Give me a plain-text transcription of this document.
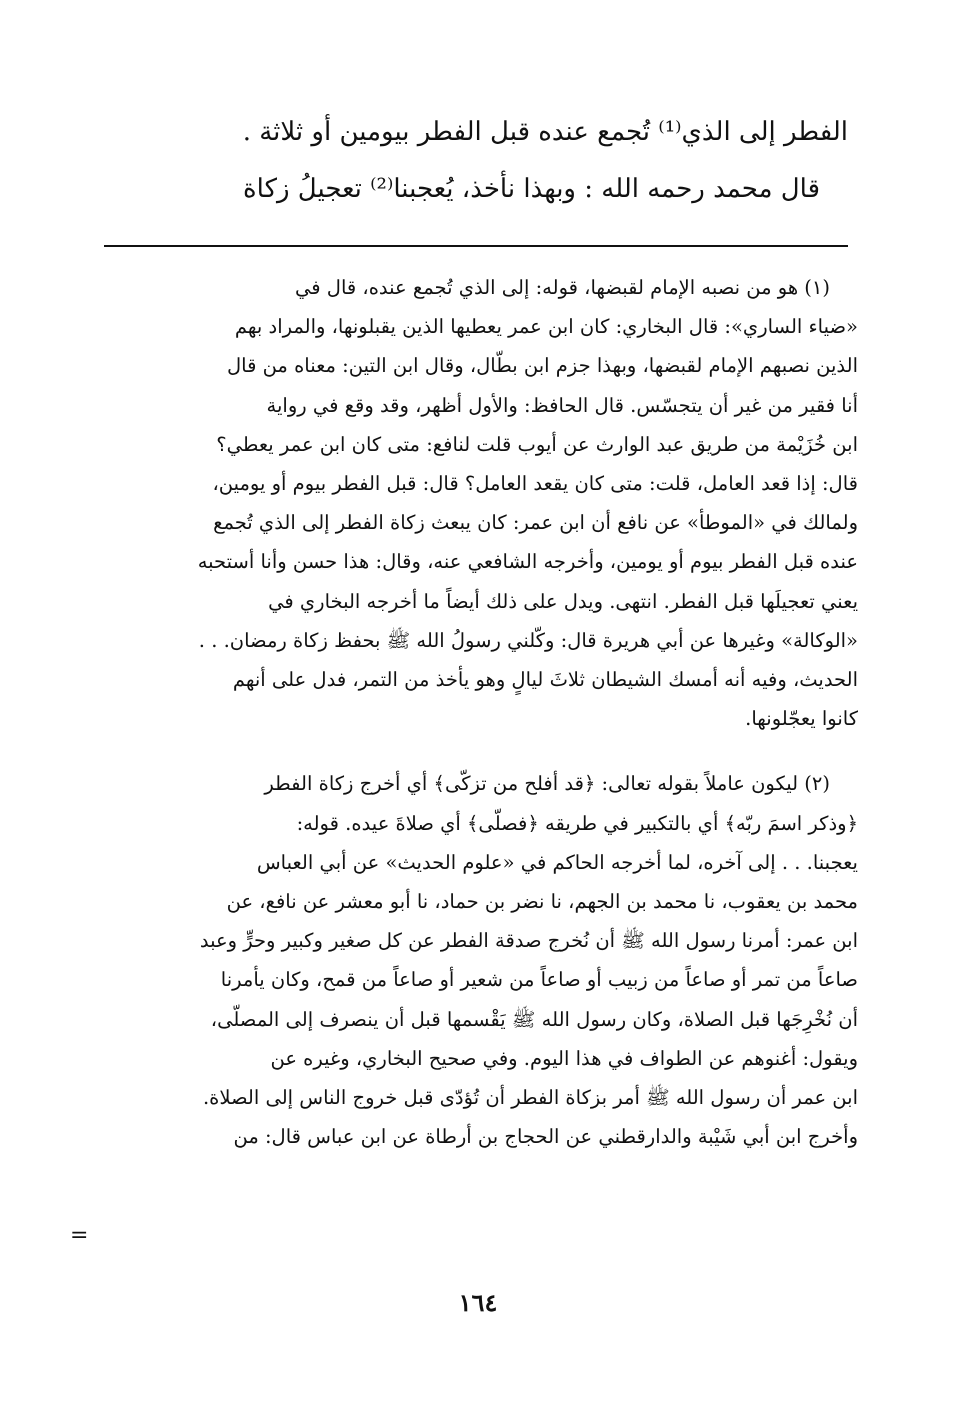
الفطر إلى الذي⁽¹⁾ تُجمع عنده قبل الفطر بيومين أو ثلاثة .

قال محمد رحمه الله : وبهذا نأخذ، يُعجبنا⁽²⁾ تعجيلُ زكاة

(١) هو من نصبه الإمام لقبضها، قوله: إلى الذي تُجمع عنده، قال في
«ضياء الساري»: قال البخاري: كان ابن عمر يعطيها الذين يقبلونها، والمراد بهم
الذين نصبهم الإمام لقبضها، وبهذا جزم ابن بطّال، وقال ابن التين: معناه من قال
أنا فقير من غير أن يتجسّس. قال الحافظ: والأول أظهر، وقد وقع في رواية
ابن خُزَيْمة من طريق عبد الوارث عن أيوب قلت لنافع: متى كان ابن عمر يعطي؟
قال: إذا قعد العامل، قلت: متى كان يقعد العامل؟ قال: قبل الفطر بيوم أو يومين،
ولمالك في «الموطأ» عن نافع أن ابن عمر: كان يبعث زكاة الفطر إلى الذي تُجمع
عنده قبل الفطر بيوم أو يومين، وأخرجه الشافعي عنه، وقال: هذا حسن وأنا أستحبه
يعني تعجيلَها قبل الفطر. انتهى. ويدل على ذلك أيضاً ما أخرجه البخاري في
«الوكالة» وغيرها عن أبي هريرة قال: وكّلني رسولُ الله ﷺ بحفظ زكاة رمضان. . .
الحديث، وفيه أنه أمسك الشيطان ثلاثَ ليالٍ وهو يأخذ من التمر، فدل على أنهم
كانوا يعجّلونها.
(٢) ليكون عاملاً بقوله تعالى: ﴿قد أفلح من تزكّى﴾ أي أخرج زكاة الفطر
﴿وذكر اسمَ ربّه﴾ أي بالتكبير في طريقه ﴿فصلّى﴾ أي صلاةَ عيده. قوله:
يعجبنا. . . إلى آخره، لما أخرجه الحاكم في «علوم الحديث» عن أبي العباس
محمد بن يعقوب، نا محمد بن الجهم، نا نضر بن حماد، نا أبو معشر عن نافع، عن
ابن عمر: أمرنا رسول الله ﷺ أن نُخرج صدقة الفطر عن كل صغير وكبير وحرٍّ وعبد
صاعاً من تمر أو صاعاً من زبيب أو صاعاً من شعير أو صاعاً من قمح، وكان يأمرنا
أن نُخْرِجَها قبل الصلاة، وكان رسول الله ﷺ يَقْسمها قبل أن ينصرف إلى المصلّى،
ويقول: أغنوهم عن الطواف في هذا اليوم. وفي صحيح البخاري، وغيره عن
ابن عمر أن رسول الله ﷺ أمر بزكاة الفطر أن تُؤدّى قبل خروج الناس إلى الصلاة.
وأخرج ابن أبي شَيْبة والدارقطني عن الحجاج بن أرطاة عن ابن عباس قال: من
=
١٦٤
